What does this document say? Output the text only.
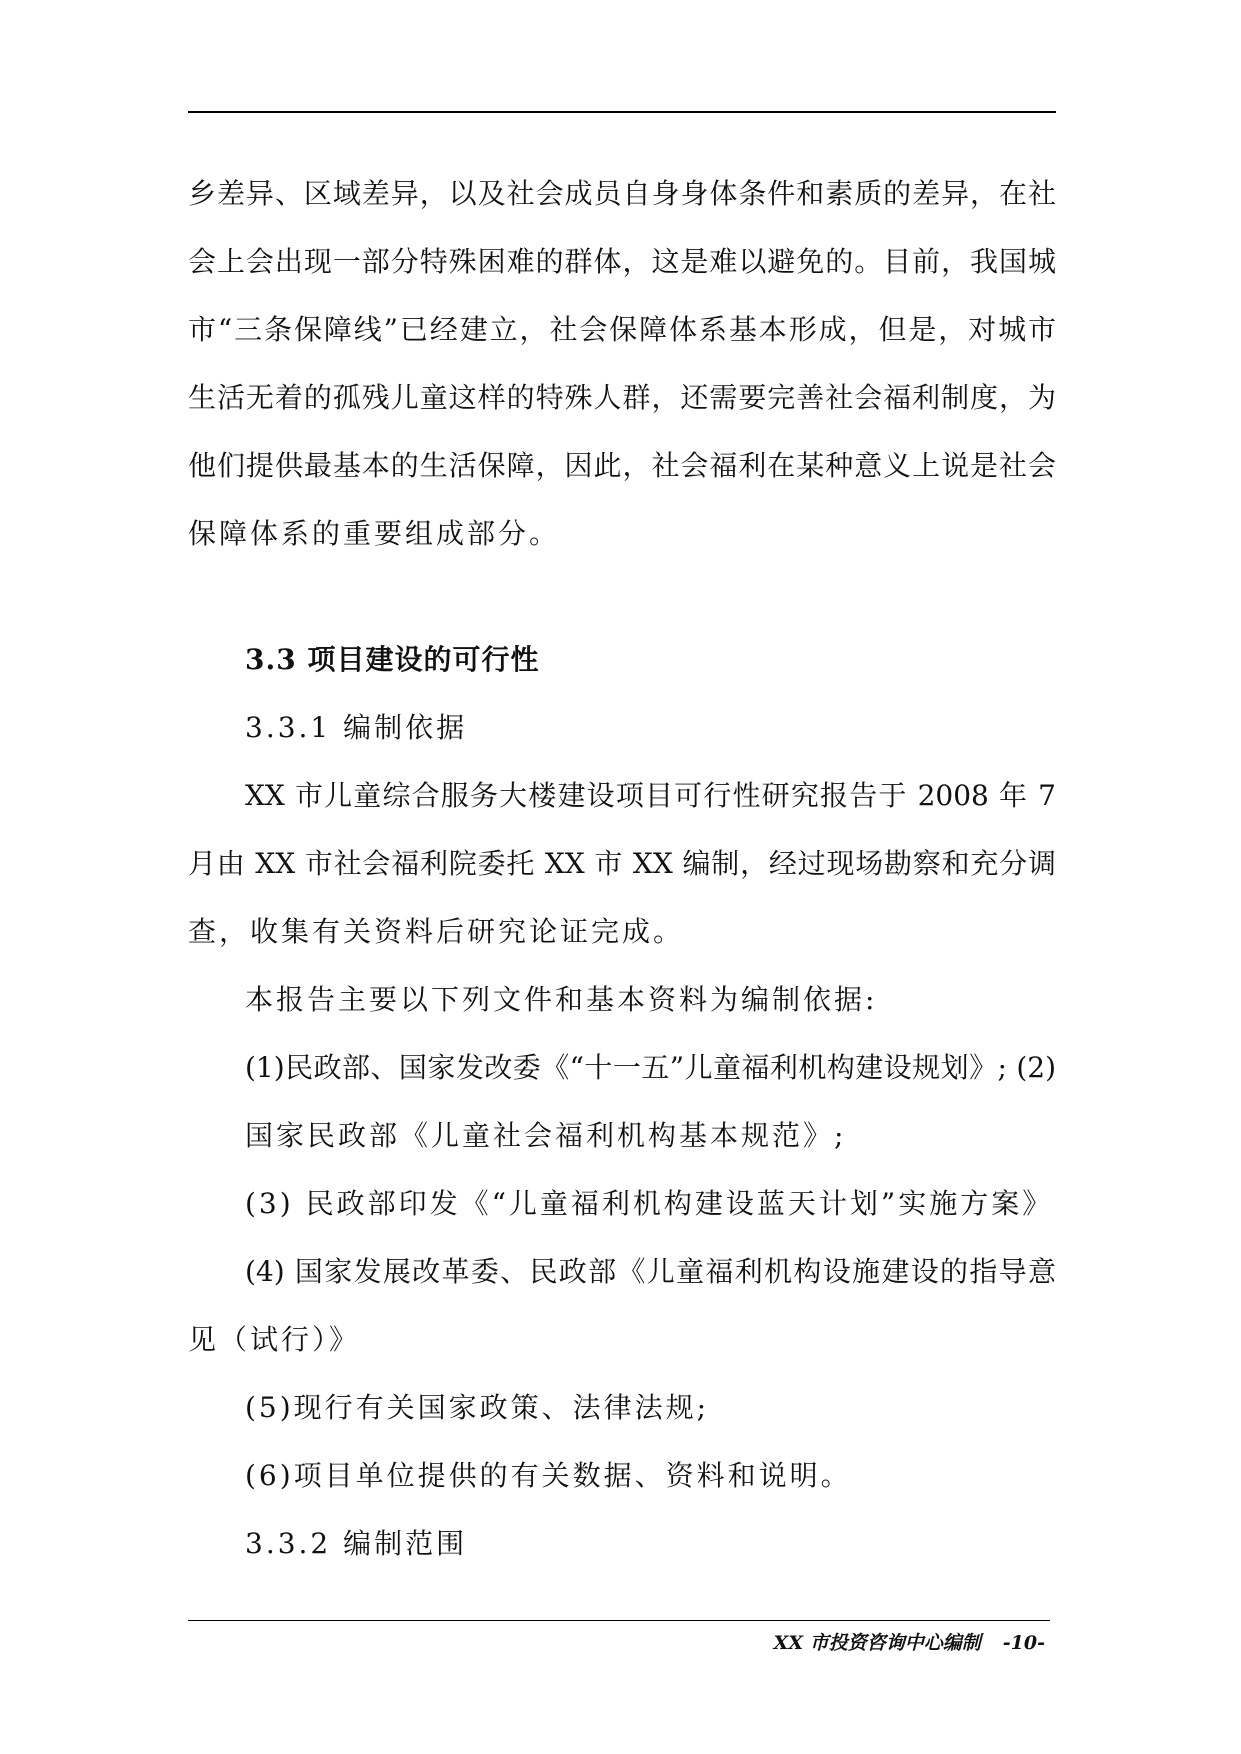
乡差异、区域差异，以及社会成员自身身体条件和素质的差异，在社
会上会出现一部分特殊困难的群体，这是难以避免的。目前，我国城
市“三条保障线”已经建立，社会保障体系基本形成，但是，对城市
生活无着的孤残儿童这样的特殊人群，还需要完善社会福利制度，为
他们提供最基本的生活保障，因此，社会福利在某种意义上说是社会
保障体系的重要组成部分。
3.3 项目建设的可行性
3.3.1 编制依据
XX 市儿童综合服务大楼建设项目可行性研究报告于 2008 年 7
月由 XX 市社会福利院委托 XX 市 XX 编制，经过现场勘察和充分调
查，收集有关资料后研究论证完成。
本报告主要以下列文件和基本资料为编制依据:
(1)民政部、国家发改委《“十一五”儿童福利机构建设规划》; (2)
国家民政部《儿童社会福利机构基本规范》;
(3) 民政部印发《“儿童福利机构建设蓝天计划”实施方案》
(4) 国家发展改革委、民政部《儿童福利机构设施建设的指导意
见（试行）》
(5)现行有关国家政策、法律法规;
(6)项目单位提供的有关数据、资料和说明。
3.3.2 编制范围
XX 市投资咨询中心编制 -10-
